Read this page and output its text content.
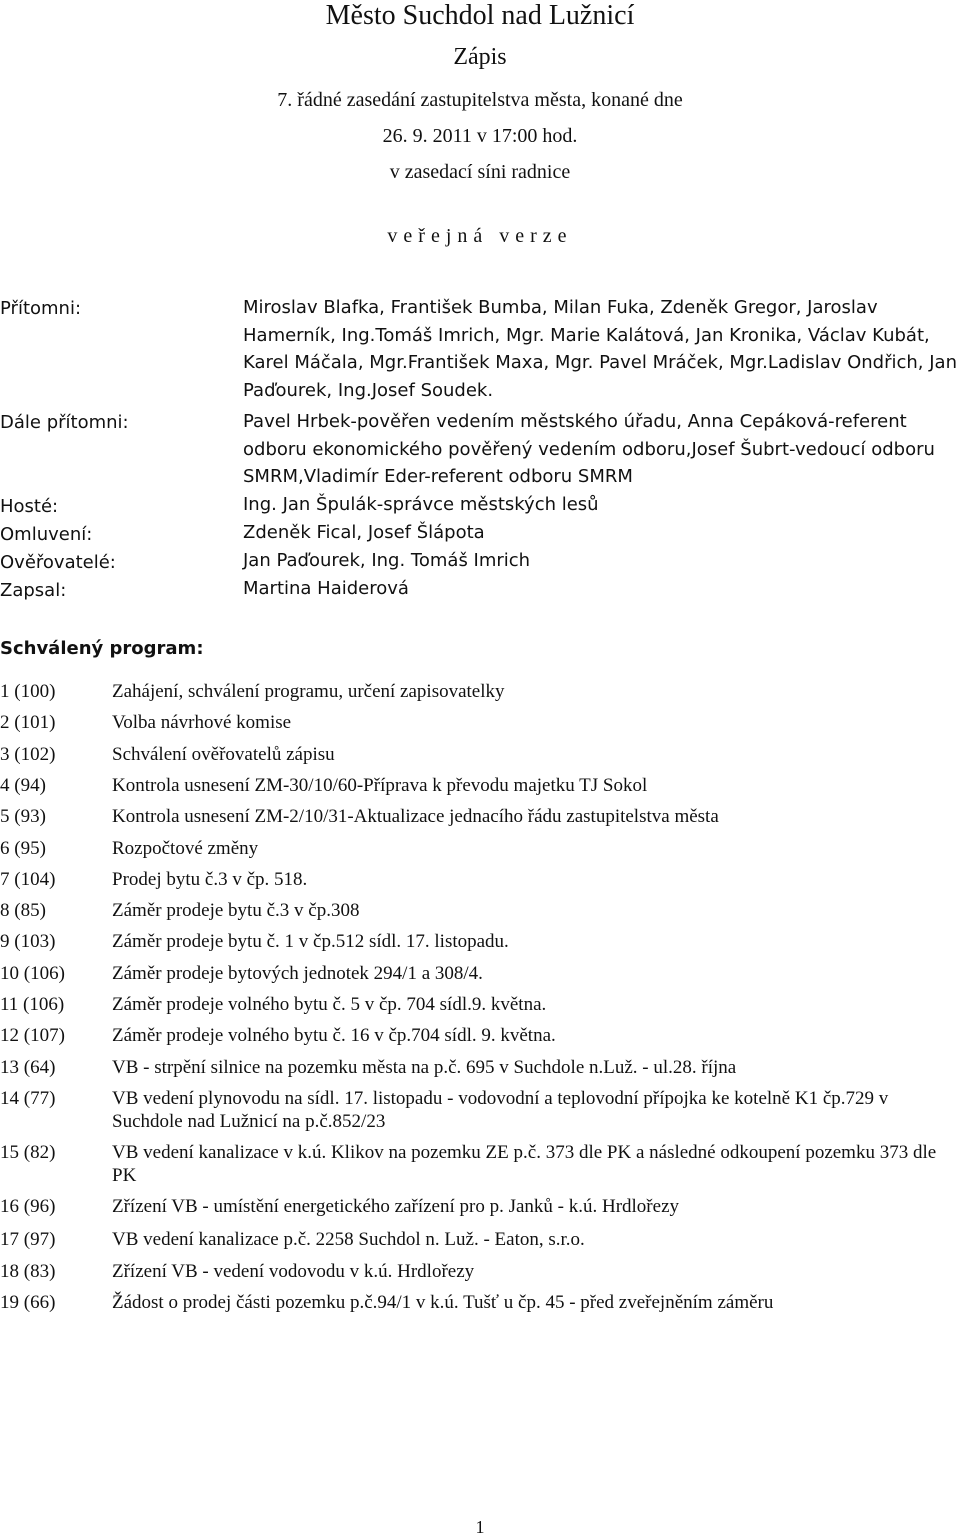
Město Suchdol nad Lužnicí
Zápis
7. řádné zasedání zastupitelstva města, konané dne
26. 9. 2011 v 17:00 hod.
v zasedací síni radnice
veřejná verze
Přítomni:	Miroslav Blafka, František Bumba, Milan Fuka, Zdeněk Gregor, Jaroslav Hamerník, Ing.Tomáš Imrich, Mgr. Marie Kalátová, Jan Kronika, Václav Kubát, Karel Máčala, Mgr.František Maxa, Mgr. Pavel Mráček, Mgr.Ladislav Ondřich, Jan Paďourek, Ing.Josef Soudek.
Dále přítomni:	Pavel Hrbek-pověřen vedením městského úřadu, Anna Cepáková-referent odboru ekonomického pověřený vedením odboru,Josef Šubrt-vedoucí odboru SMRM,Vladimír Eder-referent odboru SMRM
Hosté:	Ing. Jan Špulák-správce městských lesů
Omluvení:	Zdeněk Fical, Josef Šlápota
Ověřovatelé:	Jan Paďourek, Ing. Tomáš Imrich
Zapsal:	Martina Haiderová
Schválený program:
1 (100)	Zahájení, schválení programu, určení zapisovatelky
2 (101)	Volba návrhové komise
3 (102)	Schválení ověřovatelů zápisu
4 (94)	Kontrola usnesení ZM-30/10/60-Příprava k převodu majetku TJ Sokol
5 (93)	Kontrola usnesení ZM-2/10/31-Aktualizace jednacího řádu zastupitelstva města
6 (95)	Rozpočtové změny
7 (104)	Prodej bytu č.3 v čp. 518.
8 (85)	Záměr prodeje bytu č.3 v čp.308
9 (103)	Záměr prodeje bytu č. 1 v čp.512 sídl. 17. listopadu.
10 (106) Záměr prodeje bytových jednotek 294/1 a 308/4.
11 (106)	Záměr prodeje volného bytu č. 5 v čp. 704 sídl.9. května.
12 (107) Záměr prodeje volného bytu č. 16 v čp.704 sídl. 9. května.
13 (64)	VB - strpění silnice na pozemku města na p.č. 695 v Suchdole n.Luž. - ul.28. října
14 (77)	VB vedení plynovodu na sídl. 17. listopadu - vodovodní a teplovodní přípojka ke kotelně K1 čp.729 v Suchdole nad Lužnicí na p.č.852/23
15 (82)	VB vedení kanalizace v k.ú. Klikov na pozemku ZE p.č. 373 dle PK a následné odkoupení pozemku 373 dle PK
16 (96)	Zřízení VB - umístění energetického zařízení pro p. Janků - k.ú. Hrdlořezy
17 (97)	VB vedení kanalizace p.č. 2258 Suchdol n. Luž. - Eaton, s.r.o.
18 (83)	Zřízení VB - vedení vodovodu v k.ú. Hrdlořezy
19 (66)	Žádost o prodej části pozemku p.č.94/1 v k.ú. Tušť u čp. 45 - před zveřejněním záměru
1
